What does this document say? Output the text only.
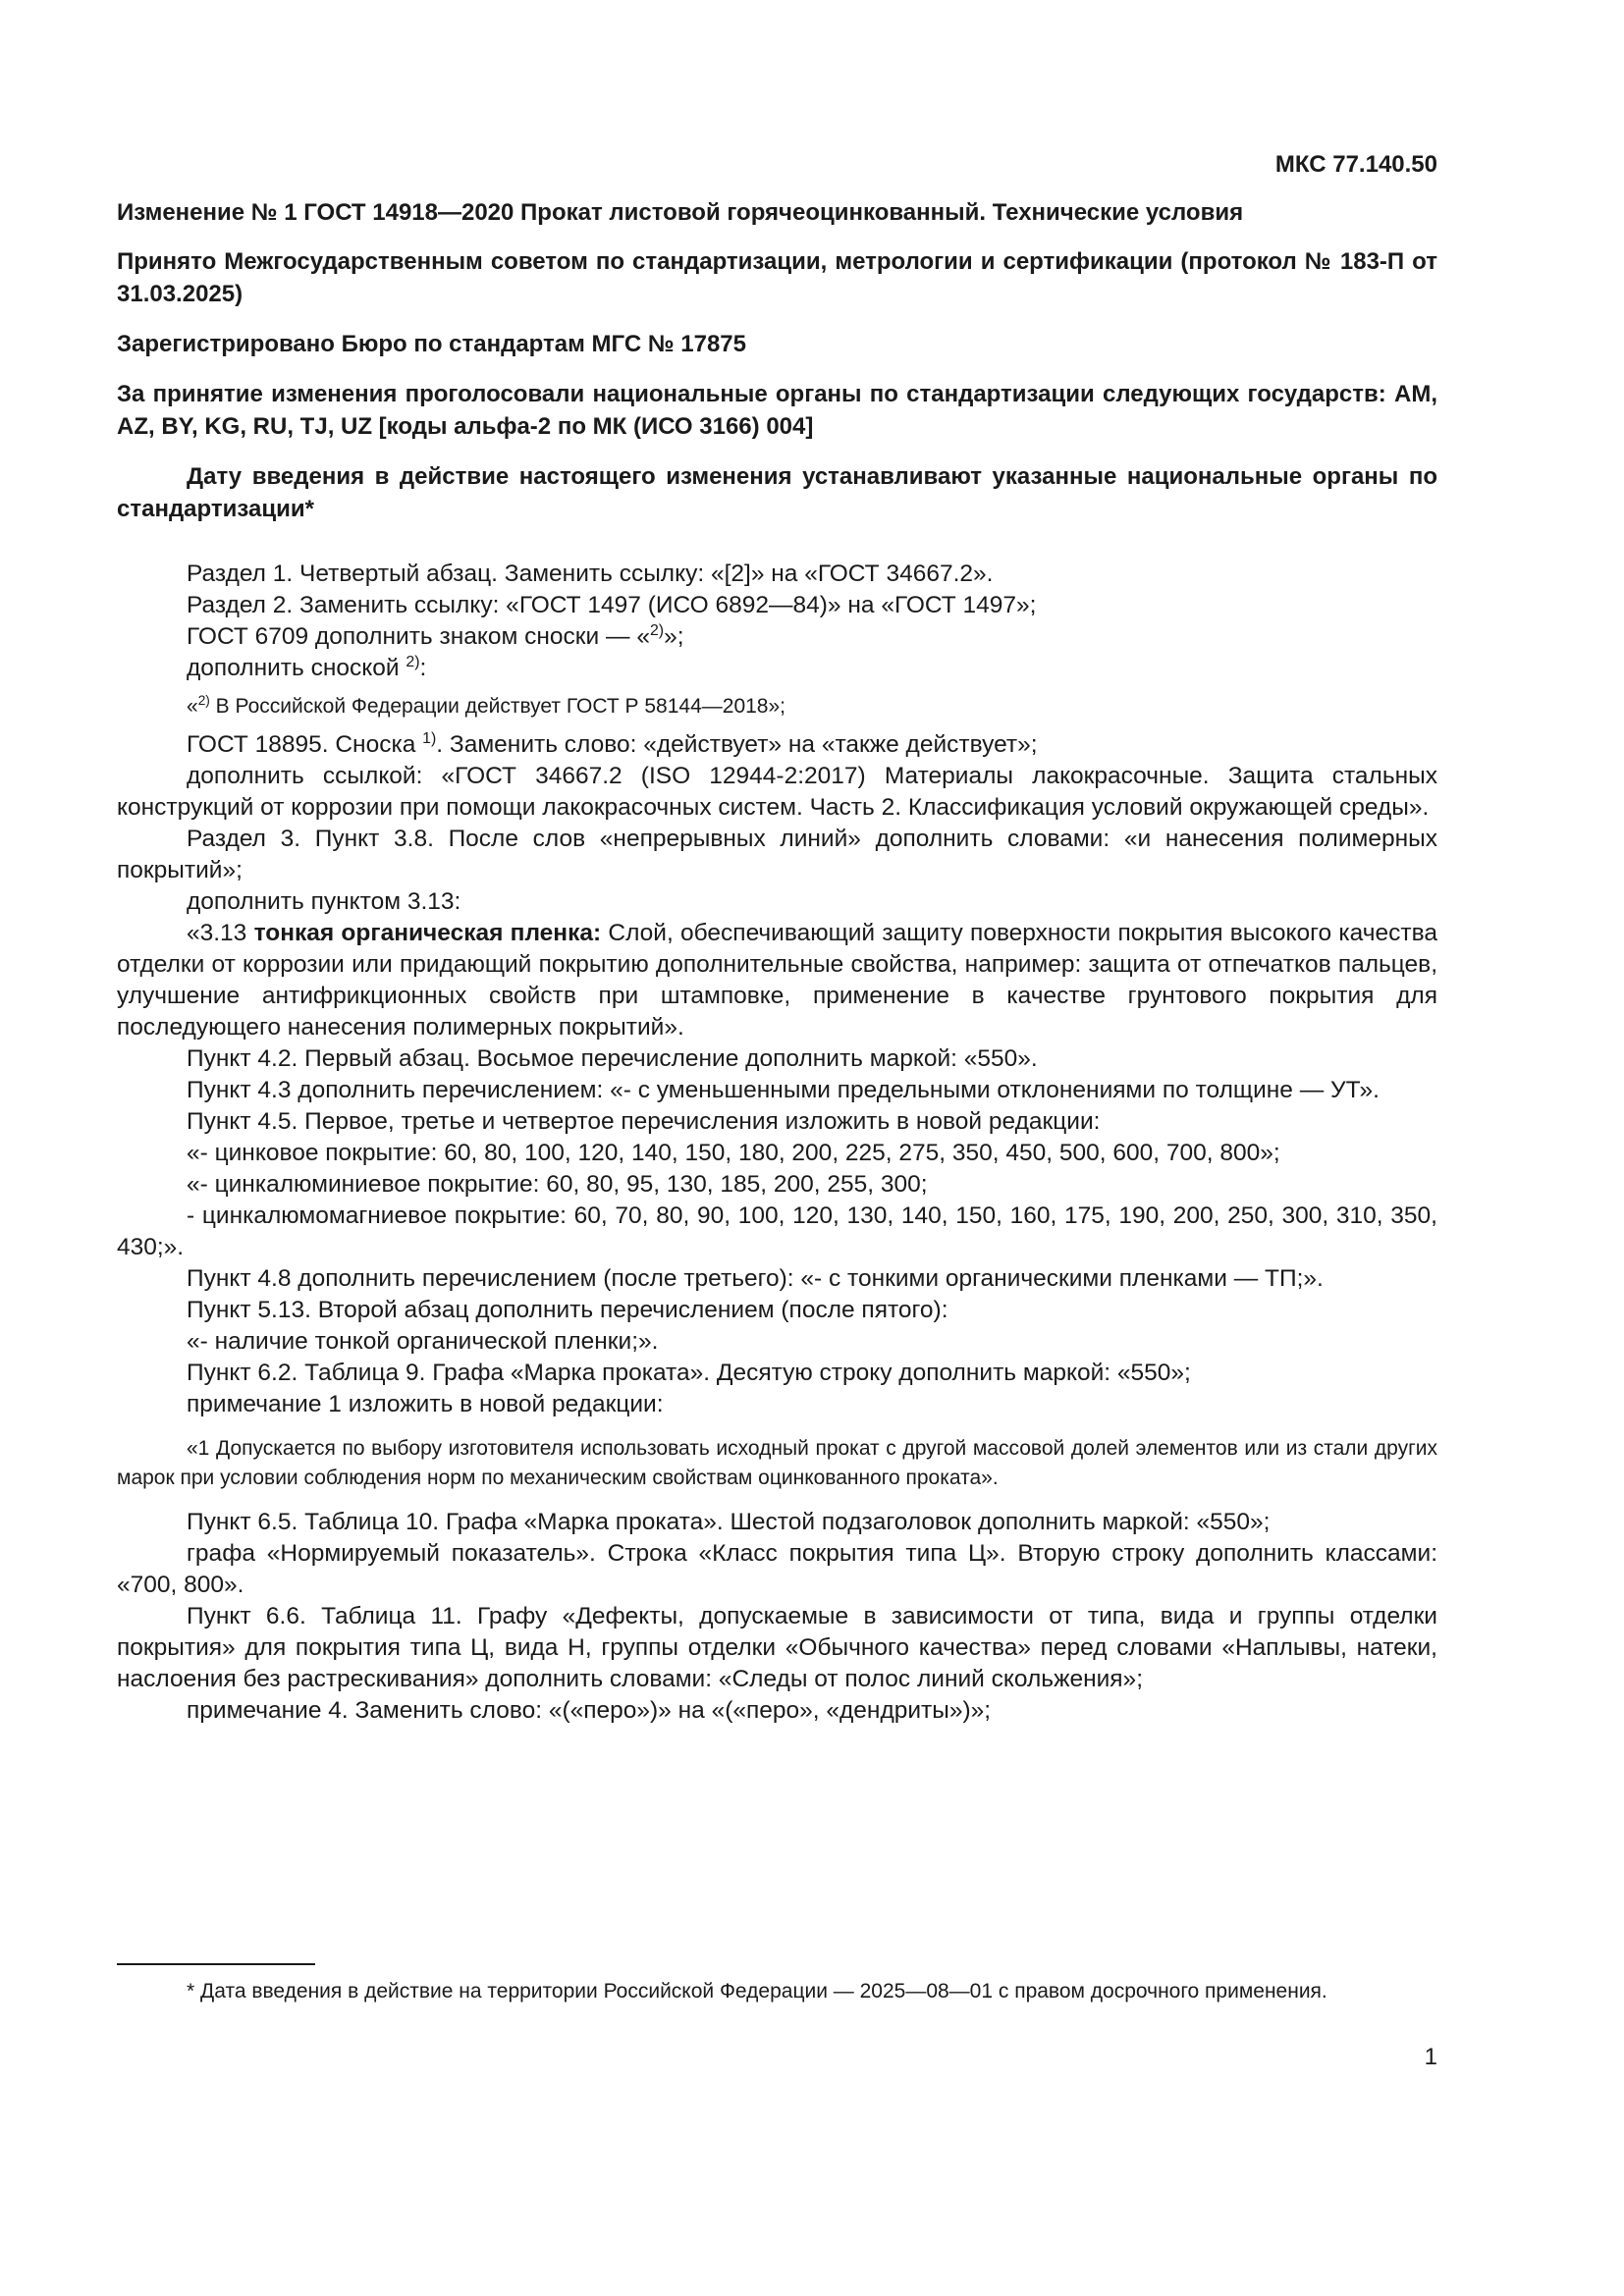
МКС 77.140.50

Изменение № 1 ГОСТ 14918—2020 Прокат листовой горячеоцинкованный. Технические условия

Принято Межгосударственным советом по стандартизации, метрологии и сертификации (протокол № 183-П от 31.03.2025)

Зарегистрировано Бюро по стандартам МГС № 17875

За принятие изменения проголосовали национальные органы по стандартизации следующих государств: AM, AZ, BY, KG, RU, TJ, UZ [коды альфа-2 по МК (ИСО 3166) 004]

Дату введения в действие настоящего изменения устанавливают указанные национальные органы по стандартизации*

Раздел 1. Четвертый абзац. Заменить ссылку: «[2]» на «ГОСТ 34667.2».

Раздел 2. Заменить ссылку: «ГОСТ 1497 (ИСО 6892—84)» на «ГОСТ 1497»;

ГОСТ 6709 дополнить знаком сноски — «$^{2)}$»;

дополнить сноской $^{2)}$:

«$^{2)}$ В Российской Федерации действует ГОСТ Р 58144—2018»;

ГОСТ 18895. Сноска $^{1)}$. Заменить слово: «действует» на «также действует»;

дополнить ссылкой: «ГОСТ 34667.2 (ISO 12944-2:2017) Материалы лакокрасочные. Защита стальных конструкций от коррозии при помощи лакокрасочных систем. Часть 2. Классификация условий окружающей среды».

Раздел 3. Пункт 3.8. После слов «непрерывных линий» дополнить словами: «и нанесения полимерных покрытий»;

дополнить пунктом 3.13:

«3.13 тонкая органическая пленка: Слой, обеспечивающий защиту поверхности покрытия высокого качества отделки от коррозии или придающий покрытию дополнительные свойства, например: защита от отпечатков пальцев, улучшение антифрикционных свойств при штамповке, применение в качестве грунтового покрытия для последующего нанесения полимерных покрытий».

Пункт 4.2. Первый абзац. Восьмое перечисление дополнить маркой: «550».

Пункт 4.3 дополнить перечислением: «- с уменьшенными предельными отклонениями по толщине — УТ».

Пункт 4.5. Первое, третье и четвертое перечисления изложить в новой редакции:

«- цинковое покрытие: 60, 80, 100, 120, 140, 150, 180, 200, 225, 275, 350, 450, 500, 600, 700, 800»;

«- цинкалюминиевое покрытие: 60, 80, 95, 130, 185, 200, 255, 300;

- цинкалюмомагниевое покрытие: 60, 70, 80, 90, 100, 120, 130, 140, 150, 160, 175, 190, 200, 250, 300, 310, 350, 430;».

Пункт 4.8 дополнить перечислением (после третьего): «- с тонкими органическими пленками — ТП;».

Пункт 5.13. Второй абзац дополнить перечислением (после пятого):

«- наличие тонкой органической пленки;».

Пункт 6.2. Таблица 9. Графа «Марка проката». Десятую строку дополнить маркой: «550»;

примечание 1 изложить в новой редакции:

«1 Допускается по выбору изготовителя использовать исходный прокат с другой массовой долей элементов или из стали других марок при условии соблюдения норм по механическим свойствам оцинкованного проката».

Пункт 6.5. Таблица 10. Графа «Марка проката». Шестой подзаголовок дополнить маркой: «550»;

графа «Нормируемый показатель». Строка «Класс покрытия типа Ц». Вторую строку дополнить классами: «700, 800».

Пункт 6.6. Таблица 11. Графу «Дефекты, допускаемые в зависимости от типа, вида и группы отделки покрытия» для покрытия типа Ц, вида Н, группы отделки «Обычного качества» перед словами «Наплывы, натеки, наслоения без растрескивания» дополнить словами: «Следы от полос линий скольжения»;

примечание 4. Заменить слово: «(«перо»)» на «(«перо», «дендриты»)»;

* Дата введения в действие на территории Российской Федерации — 2025—08—01 с правом досрочного применения.

1
